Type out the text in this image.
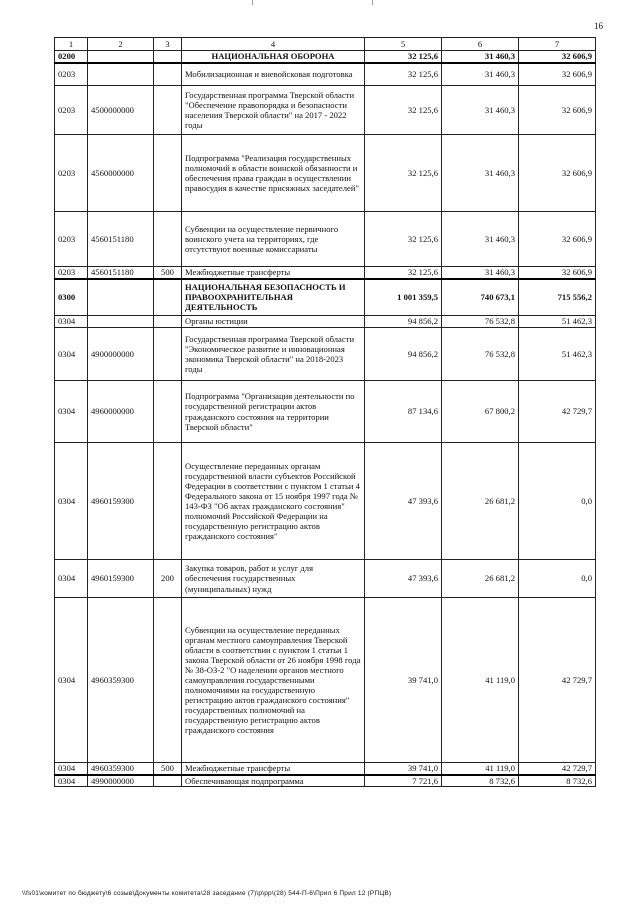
16
1	2	3	4	5	6	7
0200			НАЦИОНАЛЬНАЯ ОБОРОНА	32 125,6	31 460,3	32 606,9
0203			Мобилизационная и вневойсковая подготовка	32 125,6	31 460,3	32 606,9
0203	4500000000		Государственная программа Тверской области "Обеспечение правопорядка и безопасности населения Тверской области" на 2017 - 2022 годы	32 125,6	31 460,3	32 606,9
0203	4560000000		Подпрограмма "Реализация государственных полномочий в области воинской обязанности и обеспечения права граждан в осуществлении правосудия в качестве присяжных заседателей"	32 125,6	31 460,3	32 606,9
0203	4560151180		Субвенции на осуществление первичного воинского учета на территориях, где отсутствуют военные комиссариаты	32 125,6	31 460,3	32 606,9
0203	4560151180	500	Межбюджетные трансферты	32 125,6	31 460,3	32 606,9
0300			НАЦИОНАЛЬНАЯ БЕЗОПАСНОСТЬ И ПРАВООХРАНИТЕЛЬНАЯ ДЕЯТЕЛЬНОСТЬ	1 001 359,5	740 673,1	715 556,2
0304			Органы юстиции	94 856,2	76 532,8	51 462,3
0304	4900000000		Государственная программа Тверской области "Экономическое развитие и инновационная экономика Тверской области" на 2018-2023 годы	94 856,2	76 532,8	51 462,3
0304	4960000000		Подпрограмма "Организация деятельности по государственной регистрации актов гражданского состояния на территории Тверской области"	87 134,6	67 800,2	42 729,7
0304	4960159300		Осуществление переданных органам государственной власти субъектов Российской Федерации в соответствии с пунктом 1 статьи 4 Федерального закона от 15 ноября 1997 года № 143-ФЗ "Об актах гражданского состояния" полномочий Российской Федерации на государственную регистрацию актов гражданского состояния"	47 393,6	26 681,2	0,0
0304	4960159300	200	Закупка товаров, работ и услуг для обеспечения государственных (муниципальных) нужд	47 393,6	26 681,2	0,0
0304	4960359300		Субвенции на осуществление переданных органам местного самоуправления Тверской области в соответствии с пунктом 1 статьи 1 закона Тверской области от 26 ноября 1998 года № 38-ОЗ-2 "О наделении органов местного самоуправления государственными полномочиями на государственную регистрацию актов гражданского состояния" государственных полномочий на государственную регистрацию актов гражданского состояния	39 741,0	41 119,0	42 729,7
0304	4960359300	500	Межбюджетные трансферты	39 741,0	41 119,0	42 729,7
0304	4990000000		Обеспечивающая подпрограмма	7 721,6	8 732,6	8 732,6
\\fs01\комитет по бюджету\6 созыв\Документы комитета\28 заседание (7)\р\рр\(28) 544-П-6\Прил 6 Прил 12 (РПЦВ)
